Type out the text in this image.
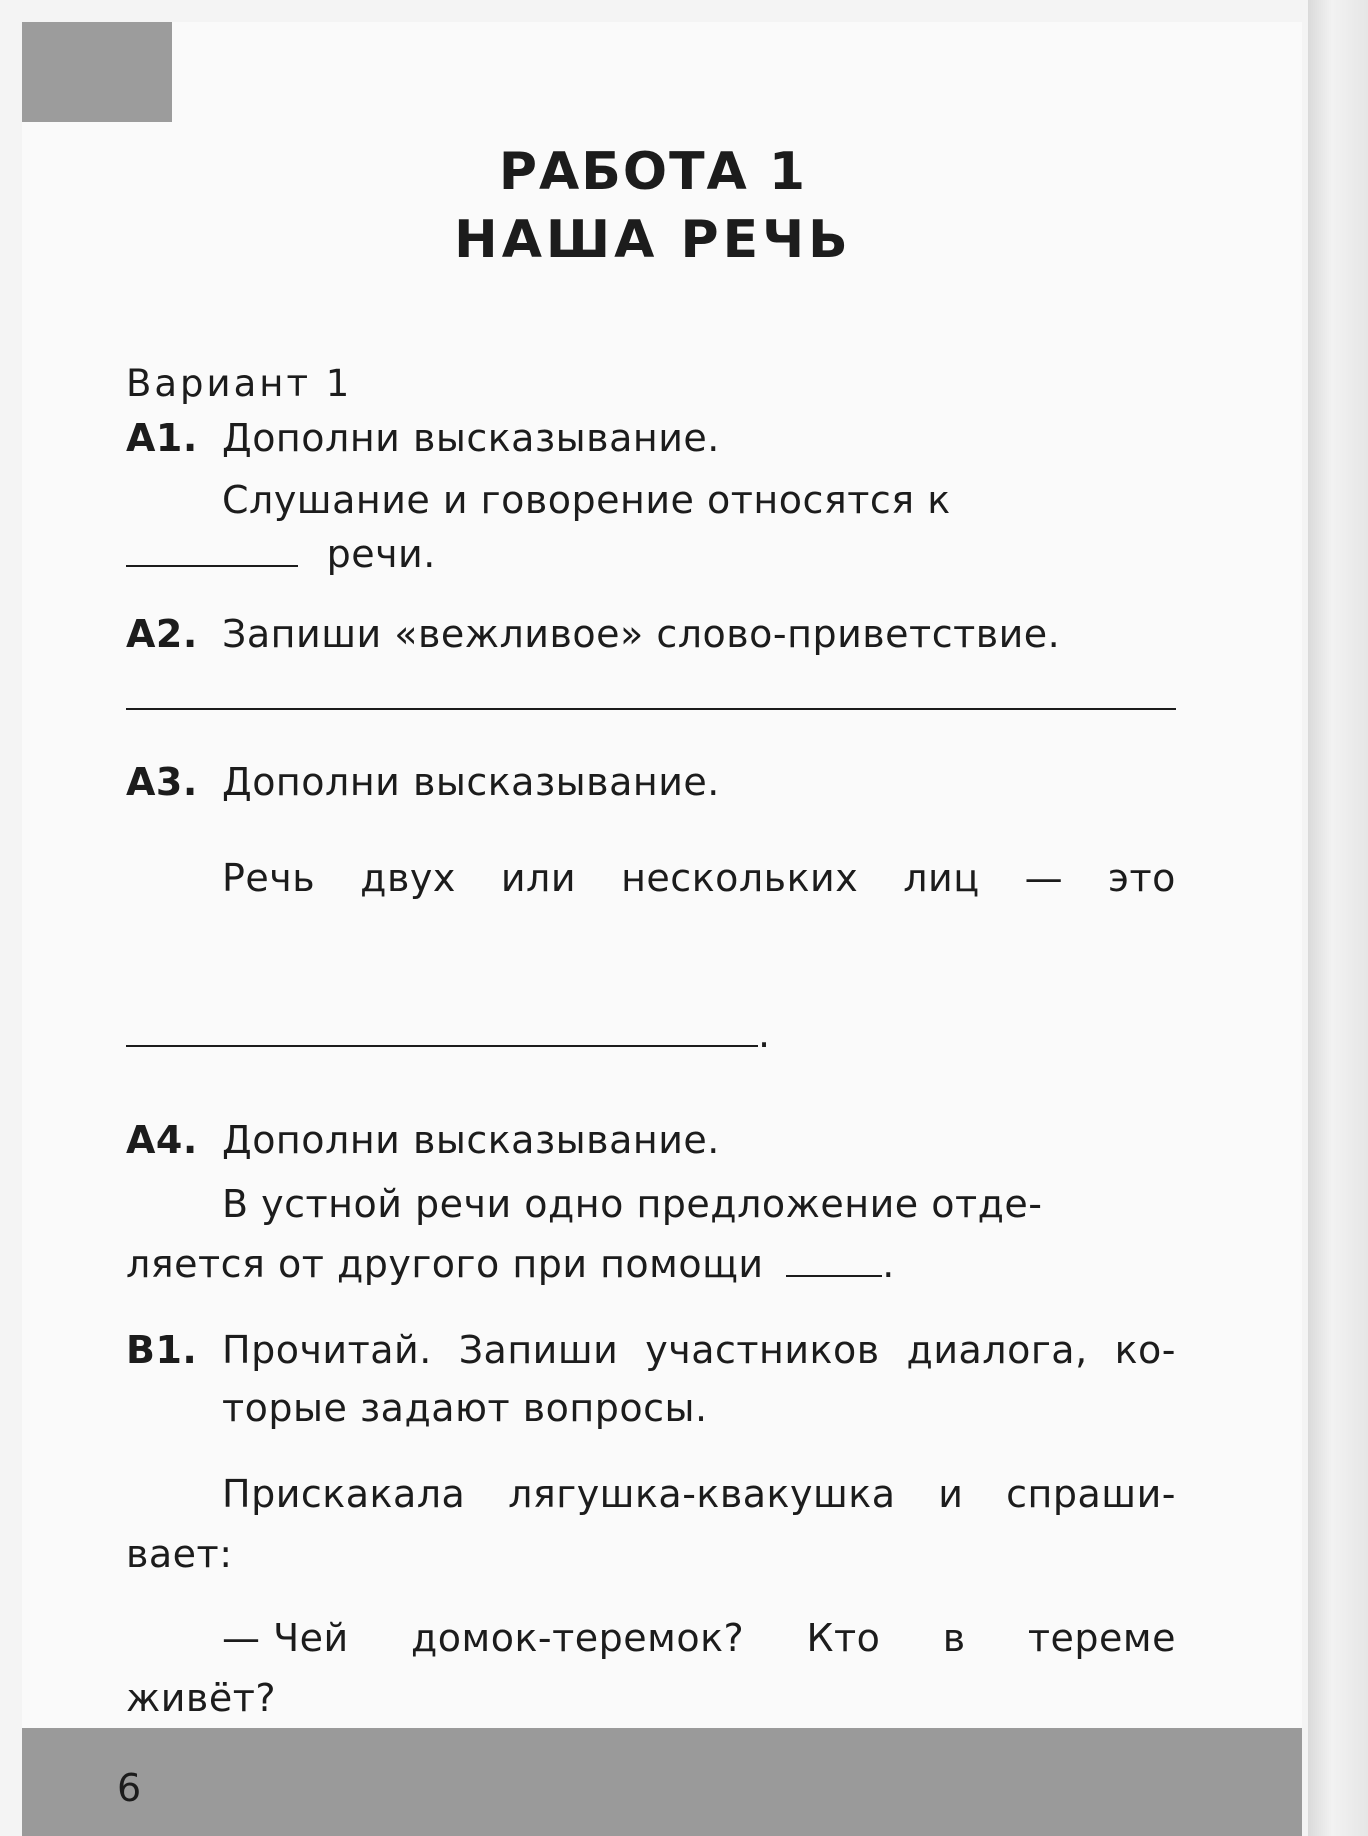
РАБОТА 1
НАША РЕЧЬ
Вариант 1
А1. Дополни высказывание.
Слушание и говорение относятся к
речи.
А2. Запиши «вежливое» слово-приветствие.
А3. Дополни высказывание.
Речь двух или нескольких лиц — это
.
А4. Дополни высказывание.
В устной речи одно предложение отде-
ляется от другого при помощи	.
В1. Прочитай. Запиши участников диалога, ко-
торые задают вопросы.
Прискакала лягушка-квакушка и спраши-
вает:
— Чей домок-теремок? Кто в тереме
живёт?
6
